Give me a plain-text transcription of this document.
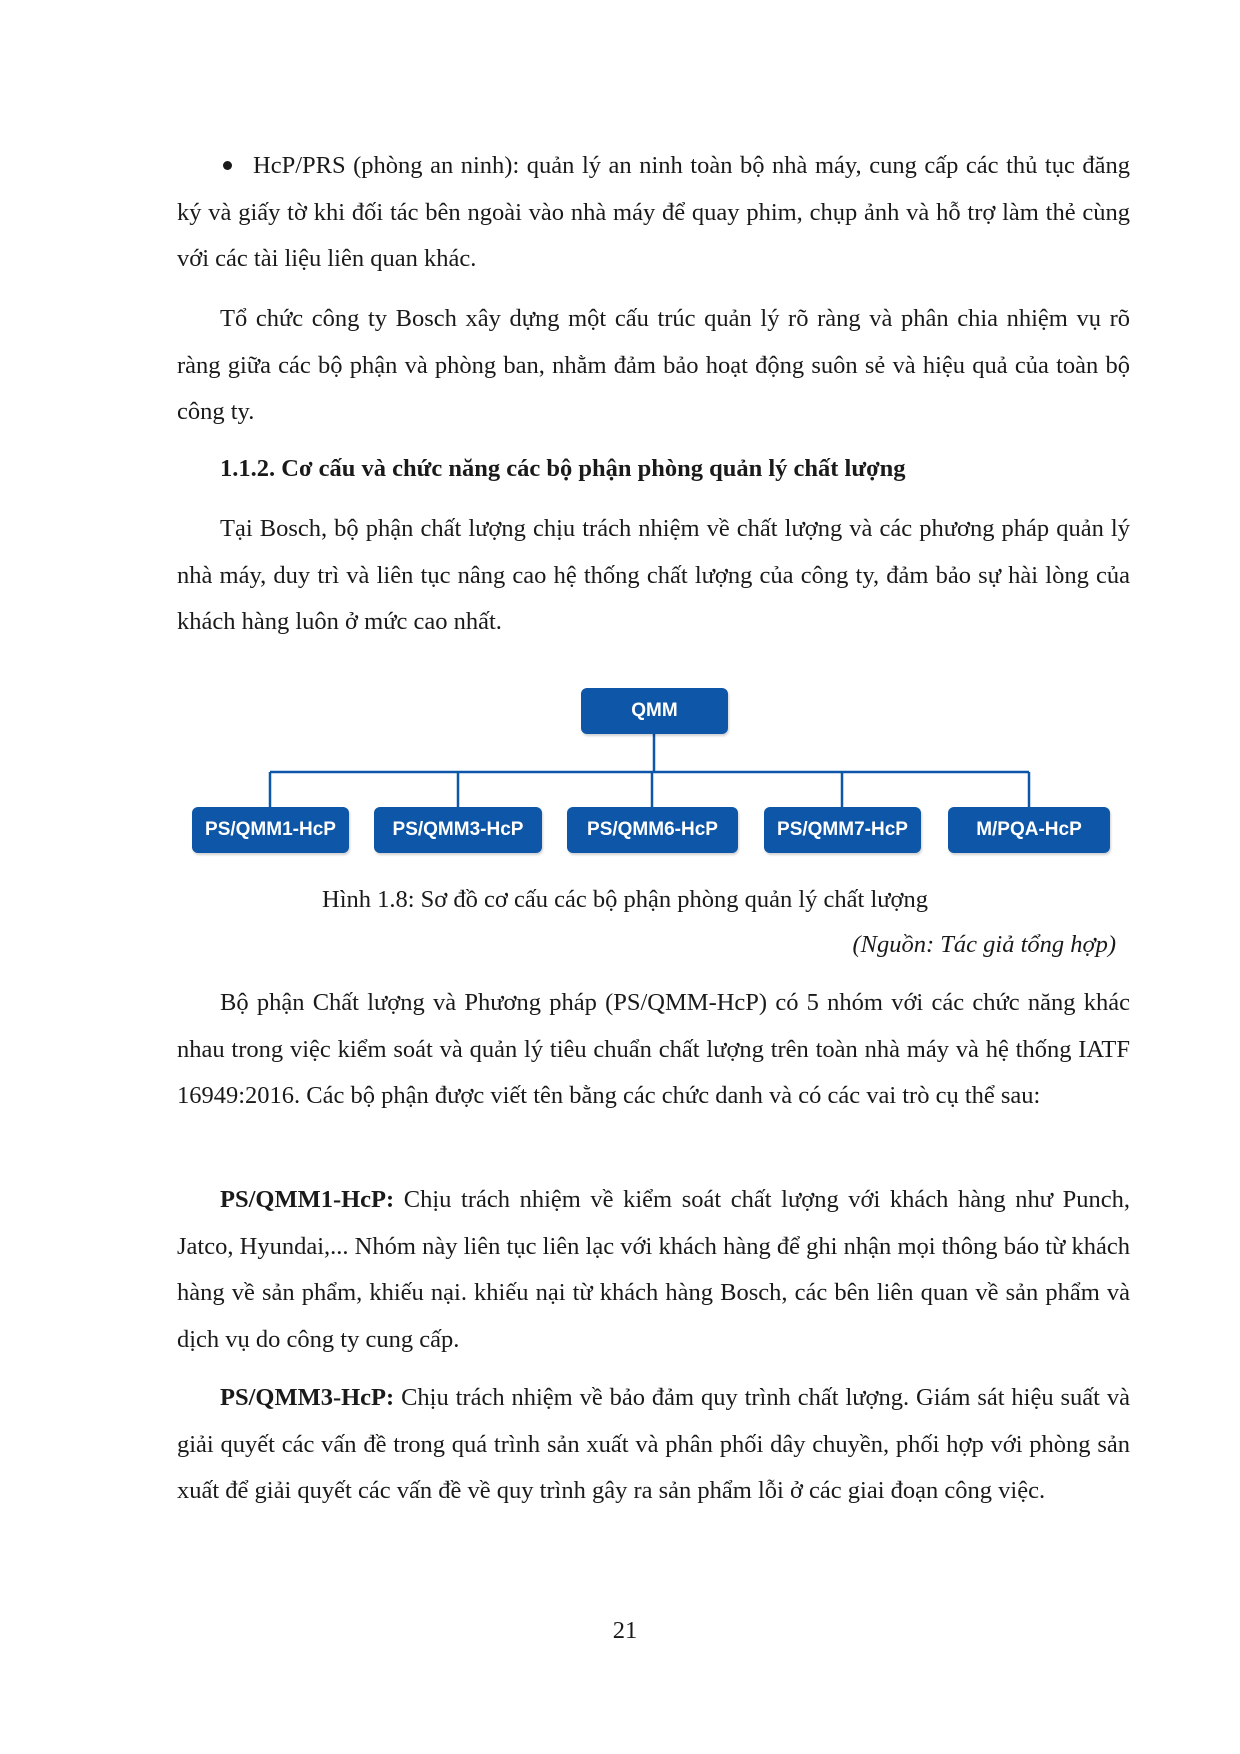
HcP/PRS (phòng an ninh): quản lý an ninh toàn bộ nhà máy, cung cấp các thủ tục đăng ký và giấy tờ khi đối tác bên ngoài vào nhà máy để quay phim, chụp ảnh và hỗ trợ làm thẻ cùng với các tài liệu liên quan khác.

Tổ chức công ty Bosch xây dựng một cấu trúc quản lý rõ ràng và phân chia nhiệm vụ rõ ràng giữa các bộ phận và phòng ban, nhằm đảm bảo hoạt động suôn sẻ và hiệu quả của toàn bộ công ty.

1.1.2. Cơ cấu và chức năng các bộ phận phòng quản lý chất lượng

Tại Bosch, bộ phận chất lượng chịu trách nhiệm về chất lượng và các phương pháp quản lý nhà máy, duy trì và liên tục nâng cao hệ thống chất lượng của công ty, đảm bảo sự hài lòng của khách hàng luôn ở mức cao nhất.

QMM
PS/QMM1-HcP	PS/QMM3-HcP	PS/QMM6-HcP	PS/QMM7-HcP	M/PQA-HcP

Hình 1.8: Sơ đồ cơ cấu các bộ phận phòng quản lý chất lượng

(Nguồn: Tác giả tổng hợp)

Bộ phận Chất lượng và Phương pháp (PS/QMM-HcP) có 5 nhóm với các chức năng khác nhau trong việc kiểm soát và quản lý tiêu chuẩn chất lượng trên toàn nhà máy và hệ thống IATF 16949:2016. Các bộ phận được viết tên bằng các chức danh và có các vai trò cụ thể sau:

PS/QMM1-HcP: Chịu trách nhiệm về kiểm soát chất lượng với khách hàng như Punch, Jatco, Hyundai,... Nhóm này liên tục liên lạc với khách hàng để ghi nhận mọi thông báo từ khách hàng về sản phẩm, khiếu nại. khiếu nại từ khách hàng Bosch, các bên liên quan về sản phẩm và dịch vụ do công ty cung cấp.

PS/QMM3-HcP: Chịu trách nhiệm về bảo đảm quy trình chất lượng. Giám sát hiệu suất và giải quyết các vấn đề trong quá trình sản xuất và phân phối dây chuyền, phối hợp với phòng sản xuất để giải quyết các vấn đề về quy trình gây ra sản phẩm lỗi ở các giai đoạn công việc.

21
